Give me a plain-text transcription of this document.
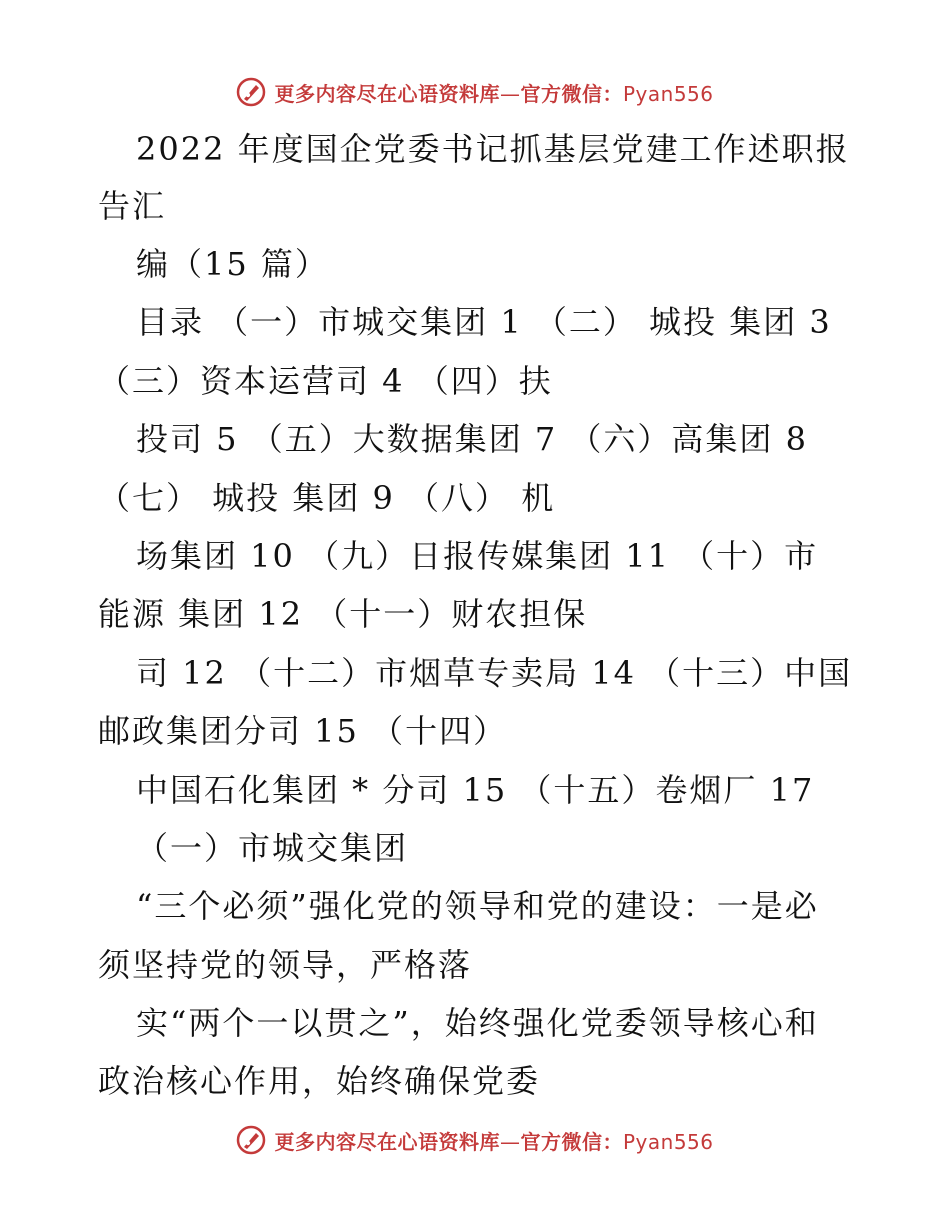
更多内容尽在心语资料库—官方微信：Pyan556
2022 年度国企党委书记抓基层党建工作述职报
告汇
编（15 篇）
目录 （一）市城交集团 1 （二） 城投 集团 3
（三）资本运营司 4 （四）扶
投司 5 （五）大数据集团 7 （六）高集团 8
（七） 城投 集团 9 （八） 机
场集团 10 （九）日报传媒集团 11 （十）市
能源 集团 12 （十一）财农担保
司 12 （十二）市烟草专卖局 14 （十三）中国
邮政集团分司 15 （十四）
中国石化集团 * 分司 15 （十五）卷烟厂 17
（一）市城交集团
“三个必须”强化党的领导和党的建设：一是必
须坚持党的领导，严格落
实“两个一以贯之”，始终强化党委领导核心和
政治核心作用，始终确保党委
更多内容尽在心语资料库—官方微信：Pyan556
